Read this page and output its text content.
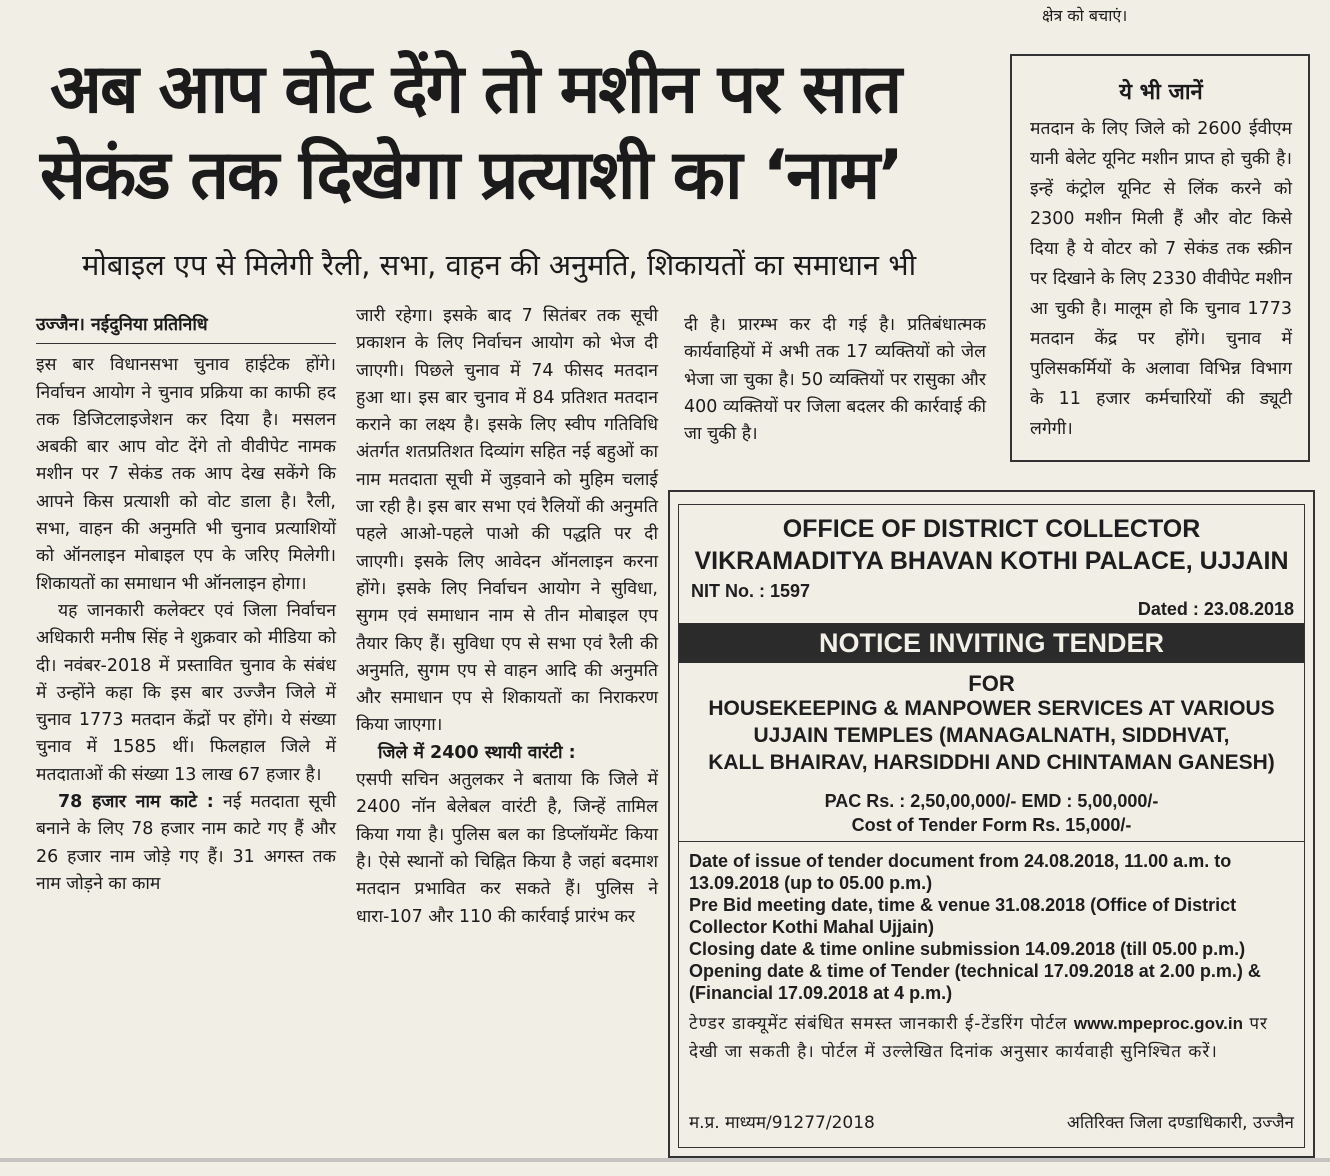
क्षेत्र को बचाएं।
अब आप वोट देंगे तो मशीन पर सात
सेकंड तक दिखेगा प्रत्याशी का ‘नाम’
मोबाइल एप से मिलेगी रैली, सभा, वाहन की अनुमति, शिकायतों का समाधान भी
उज्जैन। नईदुनिया प्रतिनिधि

इस बार विधानसभा चुनाव हाईटेक होंगे। निर्वाचन आयोग ने चुनाव प्रक्रिया का काफी हद तक डिजिटलाइजेशन कर दिया है। मसलन अबकी बार आप वोट देंगे तो वीवीपेट नामक मशीन पर 7 सेकंड तक आप देख सकेंगे कि आपने किस प्रत्याशी को वोट डाला है। रैली, सभा, वाहन की अनुमति भी चुनाव प्रत्याशियों को ऑनलाइन मोबाइल एप के जरिए मिलेगी। शिकायतों का समाधान भी ऑनलाइन होगा।

यह जानकारी कलेक्टर एवं जिला निर्वाचन अधिकारी मनीष सिंह ने शुक्रवार को मीडिया को दी। नवंबर-2018 में प्रस्तावित चुनाव के संबंध में उन्होंने कहा कि इस बार उज्जैन जिले में चुनाव 1773 मतदान केंद्रों पर होंगे। ये संख्या चुनाव में 1585 थीं। फिलहाल जिले में मतदाताओं की संख्या 13 लाख 67 हजार है।

78 हजार नाम काटे : नई मतदाता सूची बनाने के लिए 78 हजार नाम काटे गए हैं और 26 हजार नाम जोड़े गए हैं। 31 अगस्त तक नाम जोड़ने का काम

जारी रहेगा। इसके बाद 7 सितंबर तक सूची प्रकाशन के लिए निर्वाचन आयोग को भेज दी जाएगी। पिछले चुनाव में 74 फीसद मतदान हुआ था। इस बार चुनाव में 84 प्रतिशत मतदान कराने का लक्ष्य है। इसके लिए स्वीप गतिविधि अंतर्गत शतप्रतिशत दिव्यांग सहित नई बहुओं का नाम मतदाता सूची में जुड़वाने को मुहिम चलाई जा रही है। इस बार सभा एवं रैलियों की अनुमति पहले आओ-पहले पाओ की पद्धति पर दी जाएगी। इसके लिए आवेदन ऑनलाइन करना होंगे। इसके लिए निर्वाचन आयोग ने सुविधा, सुगम एवं समाधान नाम से तीन मोबाइल एप तैयार किए हैं। सुविधा एप से सभा एवं रैली की अनुमति, सुगम एप से वाहन आदि की अनुमति और समाधान एप से शिकायतों का निराकरण किया जाएगा।

जिले में 2400 स्थायी वारंटी :

एसपी सचिन अतुलकर ने बताया कि जिले में 2400 नॉन बेलेबल वारंटी है, जिन्हें तामिल किया गया है। पुलिस बल का डिप्लॉयमेंट किया है। ऐसे स्थानों को चिह्नित किया है जहां बदमाश मतदान प्रभावित कर सकते हैं। पुलिस ने धारा-107 और 110 की कार्रवाई प्रारंभ कर

दी है। प्रारम्भ कर दी गई है। प्रतिबंधात्मक कार्यवाहियों में अभी तक 17 व्यक्तियों को जेल भेजा जा चुका है। 50 व्यक्तियों पर रासुका और 400 व्यक्तियों पर जिला बदलर की कार्रवाई की जा चुकी है।

ये भी जानें
मतदान के लिए जिले को 2600 ईवीएम यानी बेलेट यूनिट मशीन प्राप्त हो चुकी है। इन्हें कंट्रोल यूनिट से लिंक करने को 2300 मशीन मिली हैं और वोट किसे दिया है ये वोटर को 7 सेकंड तक स्क्रीन पर दिखाने के लिए 2330 वीवीपेट मशीन आ चुकी है। मालूम हो कि चुनाव 1773 मतदान केंद्र पर होंगे। चुनाव में पुलिसकर्मियों के अलावा विभिन्न विभाग के 11 हजार कर्मचारियों की ड्यूटी लगेगी।
OFFICE OF DISTRICT COLLECTOR
VIKRAMADITYA BHAVAN KOTHI PALACE, UJJAIN
NIT No. : 1597
Dated : 23.08.2018
NOTICE INVITING TENDER
FOR
HOUSEKEEPING & MANPOWER SERVICES AT VARIOUS
UJJAIN TEMPLES (MANAGALNATH, SIDDHVAT,
KALL BHAIRAV, HARSIDDHI AND CHINTAMAN GANESH)
PAC Rs. : 2,50,00,000/- EMD : 5,00,000/-
Cost of Tender Form Rs. 15,000/-
Date of issue of tender document from 24.08.2018, 11.00 a.m. to 13.09.2018 (up to 05.00 p.m.)
Pre Bid meeting date, time & venue 31.08.2018 (Office of District Collector Kothi Mahal Ujjain)
Closing date & time online submission 14.09.2018 (till 05.00 p.m.)
Opening date & time of Tender (technical 17.09.2018 at 2.00 p.m.) & (Financial 17.09.2018 at 4 p.m.)
टेण्डर डाक्यूमेंट संबंधित समस्त जानकारी ई-टेंडरिंग पोर्टल www.mpeproc.gov.in पर देखी जा सकती है। पोर्टल में उल्लेखित दिनांक अनुसार कार्यवाही सुनिश्चित करें।
म.प्र. माध्यम/91277/2018	अतिरिक्त जिला दण्डाधिकारी, उज्जैन
